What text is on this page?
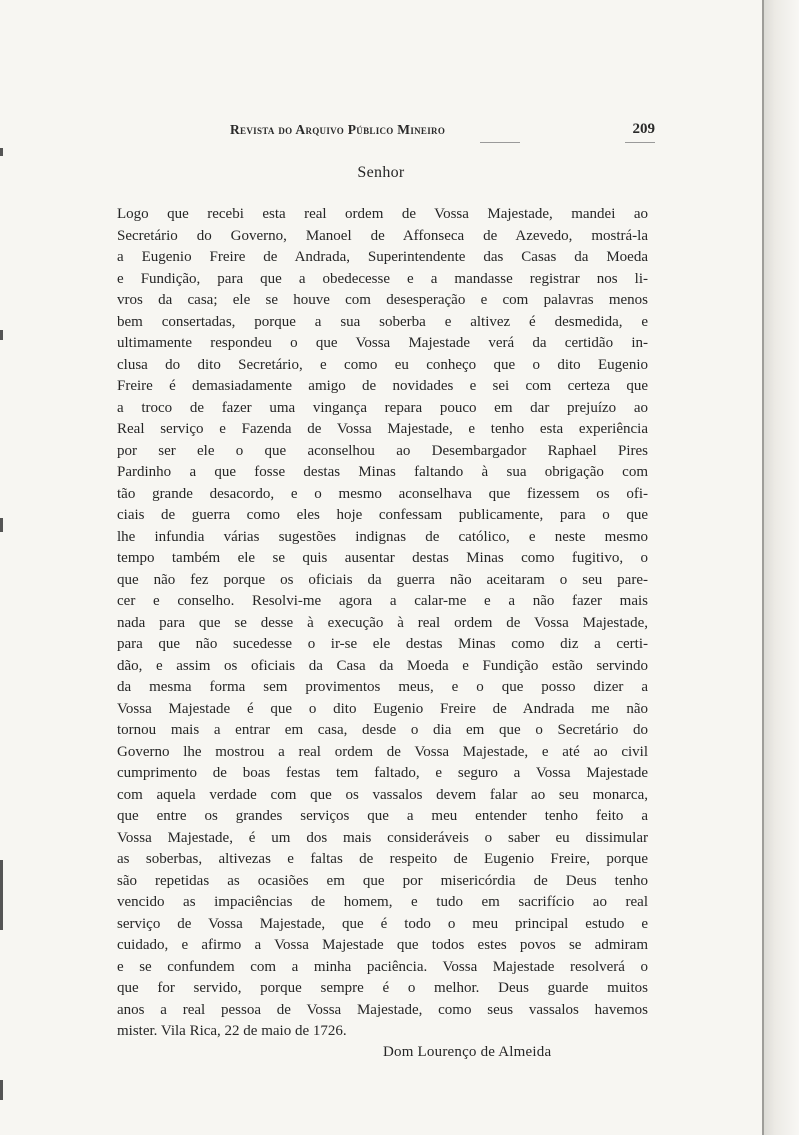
Revista do Arquivo Público Mineiro	209
Senhor
Logo que recebi esta real ordem de Vossa Majestade, mandei ao
Secretário do Governo, Manoel de Affonseca de Azevedo, mostrá-la
a Eugenio Freire de Andrada, Superintendente das Casas da Moeda
e Fundição, para que a obedecesse e a mandasse registrar nos li-
vros da casa; ele se houve com desesperação e com palavras menos
bem consertadas, porque a sua soberba e altivez é desmedida, e
ultimamente respondeu o que Vossa Majestade verá da certidão in-
clusa do dito Secretário, e como eu conheço que o dito Eugenio
Freire é demasiadamente amigo de novidades e sei com certeza que
a troco de fazer uma vingança repara pouco em dar prejuízo ao
Real serviço e Fazenda de Vossa Majestade, e tenho esta experiência
por ser ele o que aconselhou ao Desembargador Raphael Pires
Pardinho a que fosse destas Minas faltando à sua obrigação com
tão grande desacordo, e o mesmo aconselhava que fizessem os ofi-
ciais de guerra como eles hoje confessam publicamente, para o que
lhe infundia várias sugestões indignas de católico, e neste mesmo
tempo também ele se quis ausentar destas Minas como fugitivo, o
que não fez porque os oficiais da guerra não aceitaram o seu pare-
cer e conselho. Resolvi-me agora a calar-me e a não fazer mais
nada para que se desse à execução à real ordem de Vossa Majestade,
para que não sucedesse o ir-se ele destas Minas como diz a certi-
dão, e assim os oficiais da Casa da Moeda e Fundição estão servindo
da mesma forma sem provimentos meus, e o que posso dizer a
Vossa Majestade é que o dito Eugenio Freire de Andrada me não
tornou mais a entrar em casa, desde o dia em que o Secretário do
Governo lhe mostrou a real ordem de Vossa Majestade, e até ao civil
cumprimento de boas festas tem faltado, e seguro a Vossa Majestade
com aquela verdade com que os vassalos devem falar ao seu monarca,
que entre os grandes serviços que a meu entender tenho feito a
Vossa Majestade, é um dos mais consideráveis o saber eu dissimular
as soberbas, altivezas e faltas de respeito de Eugenio Freire, porque
são repetidas as ocasiões em que por misericórdia de Deus tenho
vencido as impaciências de homem, e tudo em sacrifício ao real
serviço de Vossa Majestade, que é todo o meu principal estudo e
cuidado, e afirmo a Vossa Majestade que todos estes povos se admiram
e se confundem com a minha paciência. Vossa Majestade resolverá o
que for servido, porque sempre é o melhor. Deus guarde muitos
anos a real pessoa de Vossa Majestade, como seus vassalos havemos
mister. Vila Rica, 22 de maio de 1726.
Dom Lourenço de Almeida
